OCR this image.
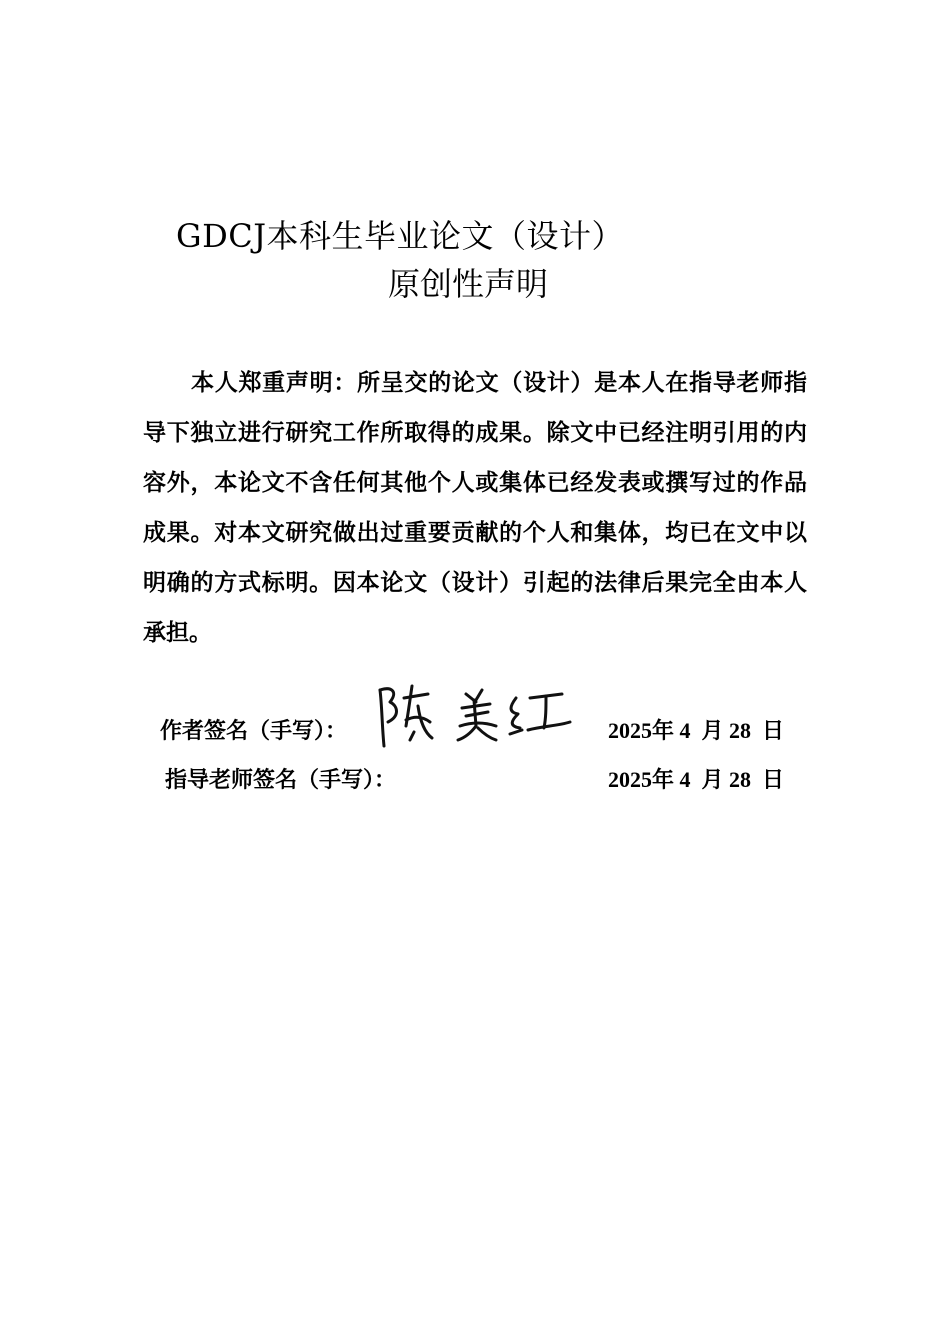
GDCJ本科生毕业论文（设计）
原创性声明
本人郑重声明：所呈交的论文（设计）是本人在指导老师指导下独立进行研究工作所取得的成果。除文中已经注明引用的内容外，本论文不含任何其他个人或集体已经发表或撰写过的作品成果。对本文研究做出过重要贡献的个人和集体，均已在文中以明确的方式标明。因本论文（设计）引起的法律后果完全由本人承担。
作者签名（手写）：	2025年 4 月 28 日
指导老师签名（手写）：	2025年 4 月 28 日
